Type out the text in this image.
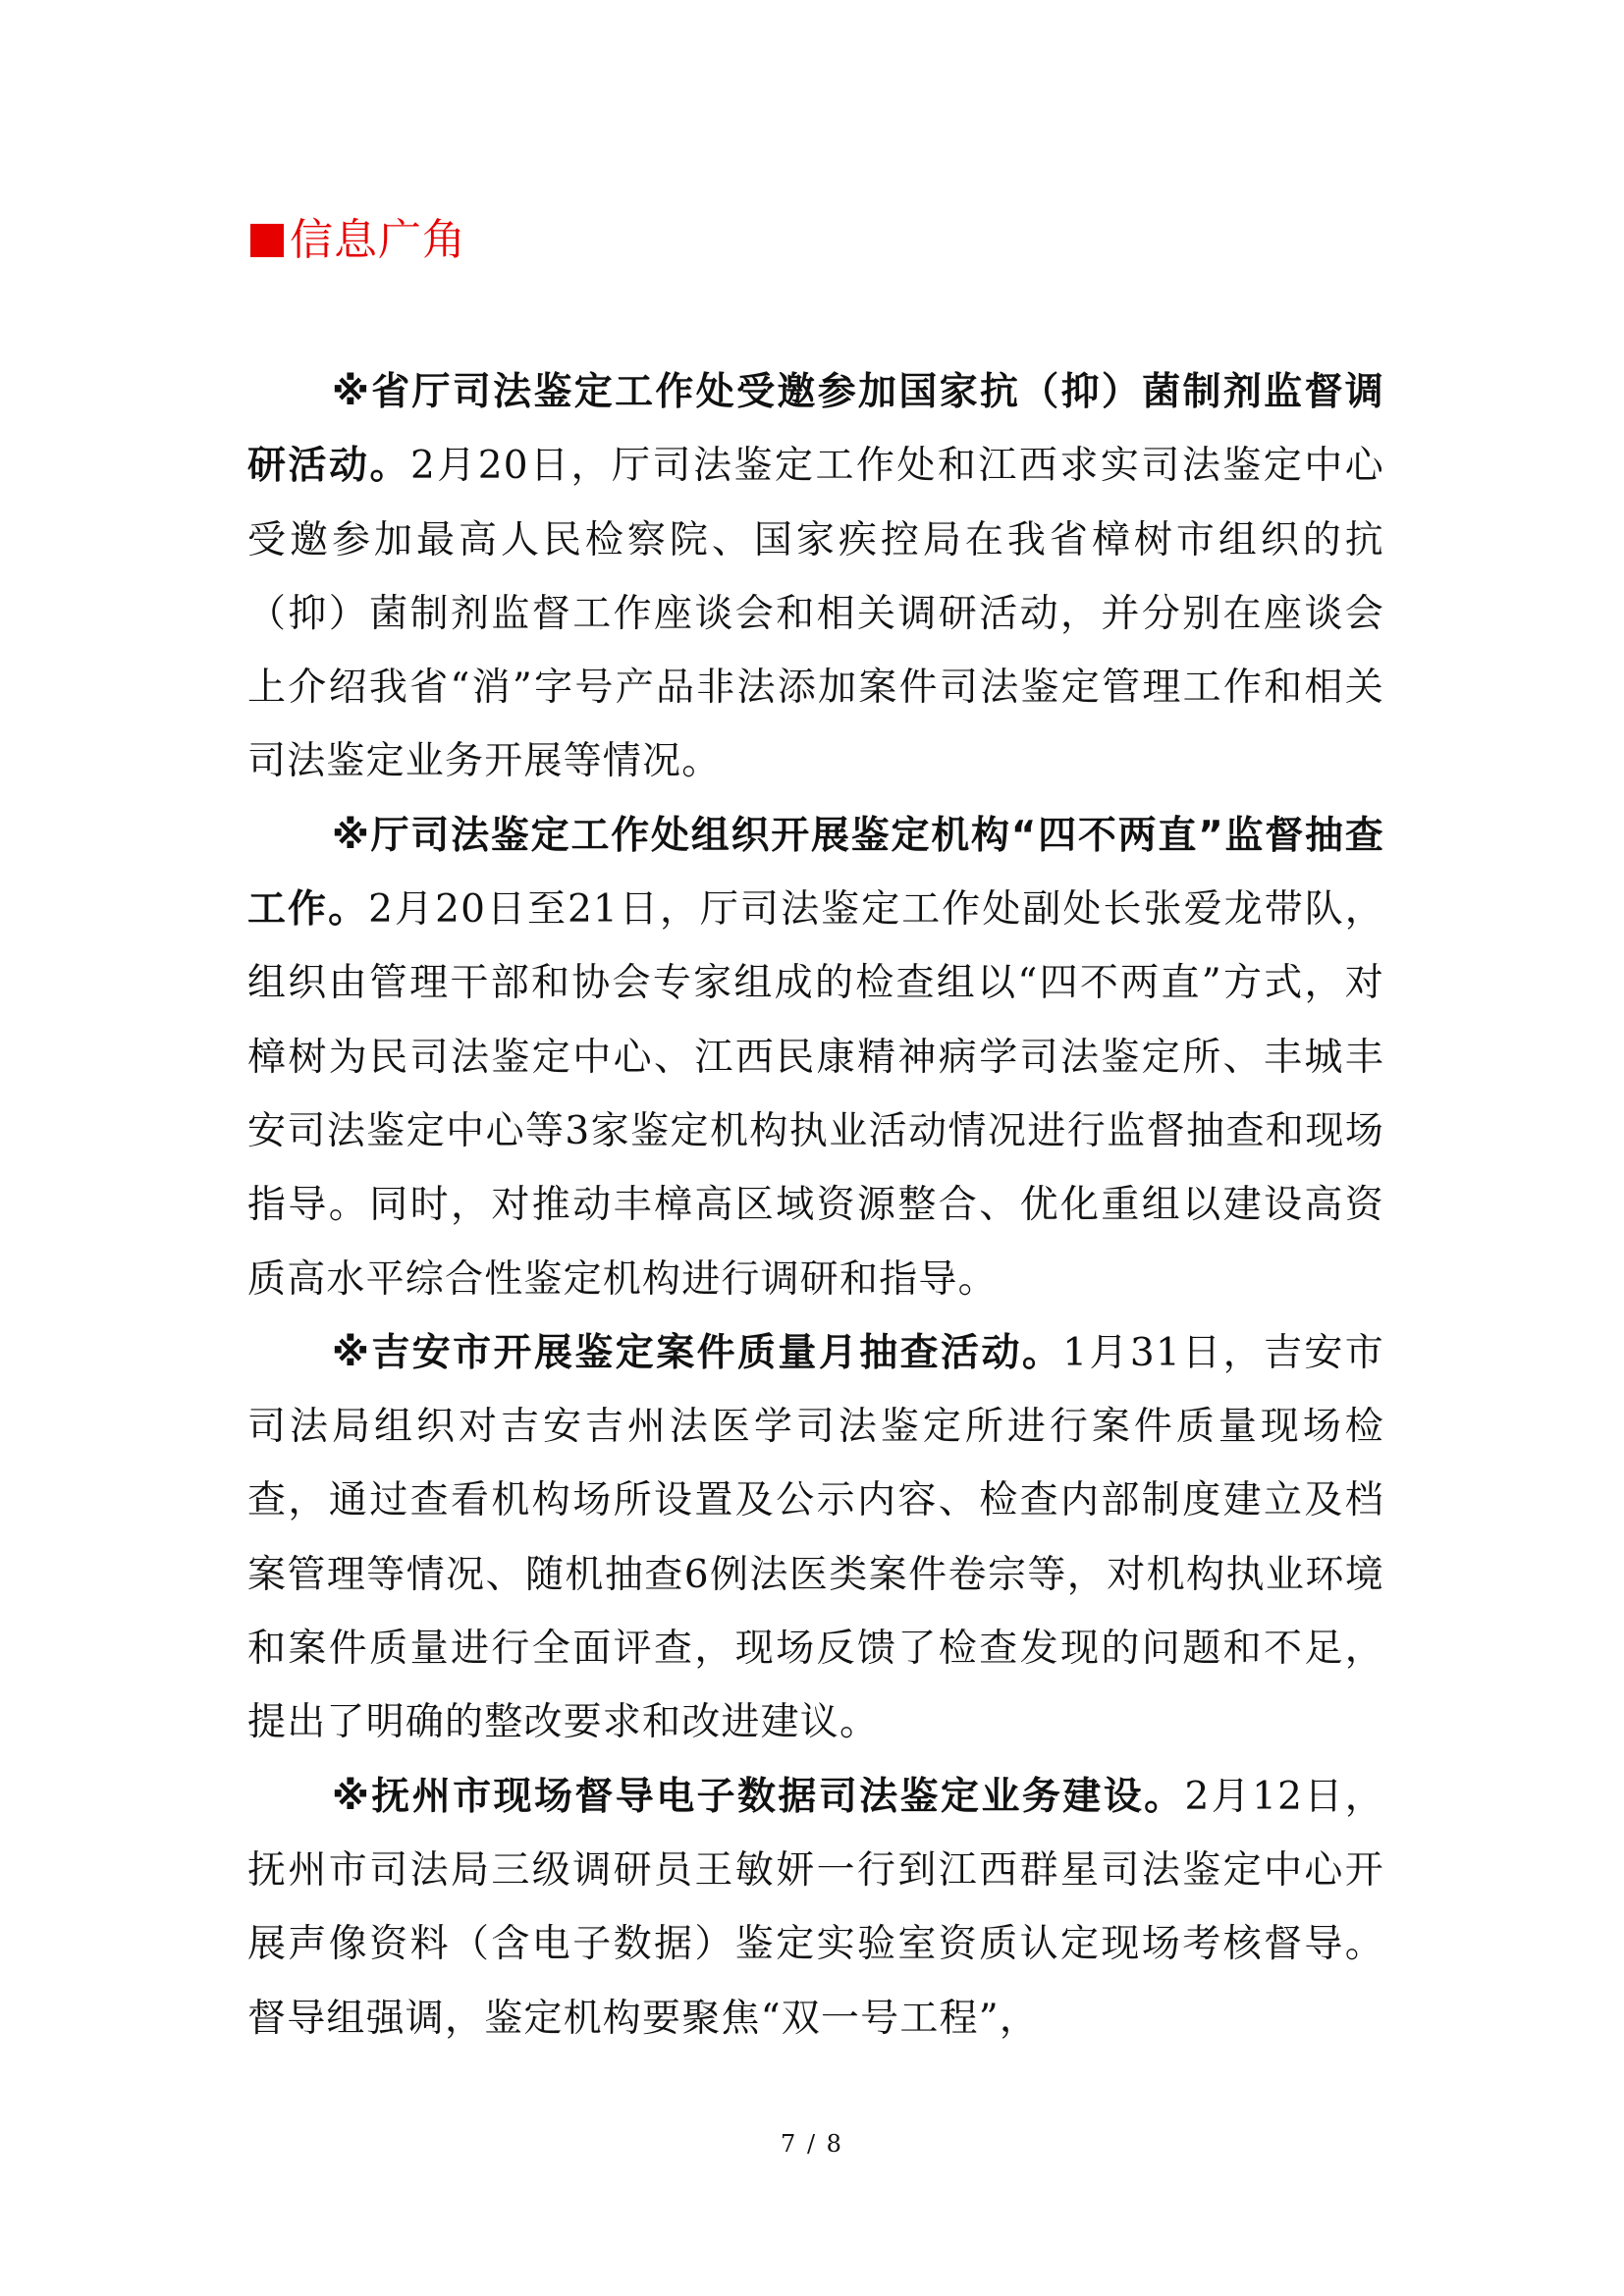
信息广角

※省厅司法鉴定工作处受邀参加国家抗（抑）菌制剂监督调研活动。2月20日，厅司法鉴定工作处和江西求实司法鉴定中心受邀参加最高人民检察院、国家疾控局在我省樟树市组织的抗（抑）菌制剂监督工作座谈会和相关调研活动，并分别在座谈会上介绍我省“消”字号产品非法添加案件司法鉴定管理工作和相关司法鉴定业务开展等情况。

※厅司法鉴定工作处组织开展鉴定机构“四不两直”监督抽查工作。2月20日至21日，厅司法鉴定工作处副处长张爱龙带队，组织由管理干部和协会专家组成的检查组以“四不两直”方式，对樟树为民司法鉴定中心、江西民康精神病学司法鉴定所、丰城丰安司法鉴定中心等3家鉴定机构执业活动情况进行监督抽查和现场指导。同时，对推动丰樟高区域资源整合、优化重组以建设高资质高水平综合性鉴定机构进行调研和指导。

※吉安市开展鉴定案件质量月抽查活动。1月31日，吉安市司法局组织对吉安吉州法医学司法鉴定所进行案件质量现场检查，通过查看机构场所设置及公示内容、检查内部制度建立及档案管理等情况、随机抽查6例法医类案件卷宗等，对机构执业环境和案件质量进行全面评查，现场反馈了检查发现的问题和不足，提出了明确的整改要求和改进建议。

※抚州市现场督导电子数据司法鉴定业务建设。2月12日，抚州市司法局三级调研员王敏妍一行到江西群星司法鉴定中心开展声像资料（含电子数据）鉴定实验室资质认定现场考核督导。督导组强调，鉴定机构要聚焦“双一号工程”，

7 / 8
